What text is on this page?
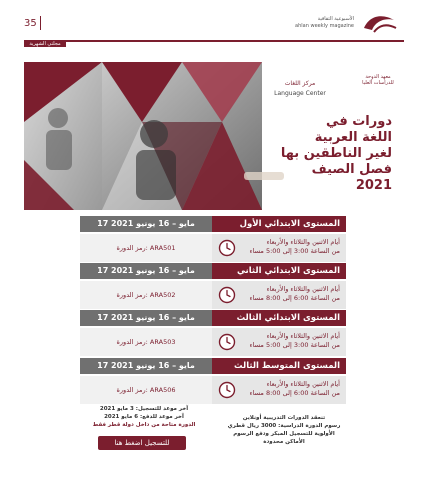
35	الأسبوعية الثقافية
ahlan weekly magazine
مجلتي الشهرية
مركز اللغات
Language Center
معهد الدوحة للدراسات العليا
دورات في
اللغة العربية
لغير الناطقين بها
فصل الصيف
2021
17 مايو – 16 يونيو 2021	المستوى الابتدائي الأول
رمز الدورة: ARA501
أيام الاثنين والثلاثاء والأربعاء
من الساعة 3:00 إلى 5:00 مساء
17 مايو – 16 يونيو 2021	المستوى الابتدائي الثاني
رمز الدورة: ARA502
أيام الاثنين والثلاثاء والأربعاء
من الساعة 6:00 إلى 8:00 مساء
17 مايو – 16 يونيو 2021	المستوى الابتدائي الثالث
رمز الدورة: ARA503
أيام الاثنين والثلاثاء والأربعاء
من الساعة 3:00 إلى 5:00 مساء
17 مايو – 16 يونيو 2021	المستوى المتوسط الثالث
رمز الدورة: ARA506
أيام الاثنين والثلاثاء والأربعاء
من الساعة 6:00 إلى 8:00 مساء
آخر موعد للتسجيل: 3 مايو 2021
آخر موعد للدفع: 6 مايو 2021
الدورة متاحة من داخل دولة قطر فقط
للتسجيل اضغط هنا
تنعقد الدورات التدريبية أونلاين
رسوم الدورة الدراسية: 3000 ريال قطري
الأولوية للتسجيل المبكر ودفع الرسوم
الأماكن محدودة
